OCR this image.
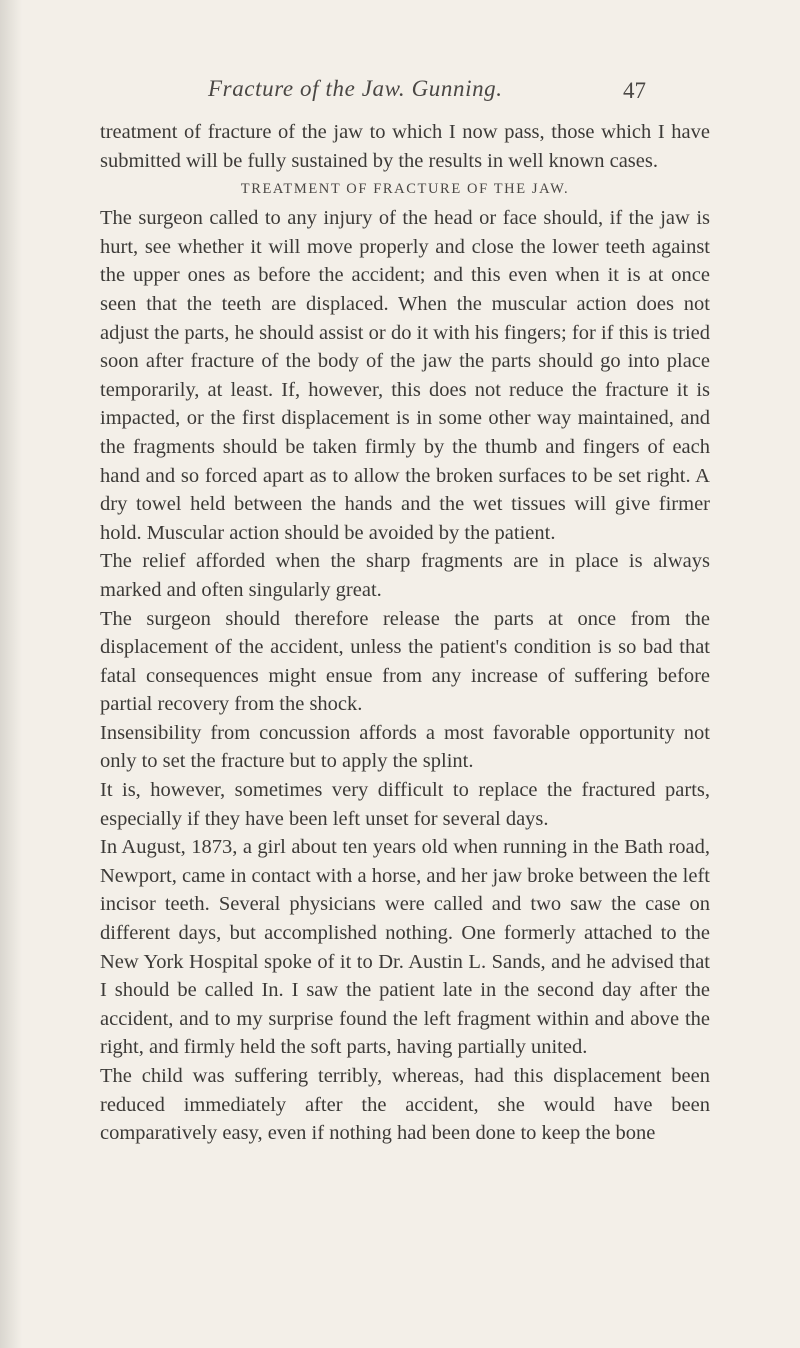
Fracture of the Jaw. Gunning.	47

treatment of fracture of the jaw to which I now pass, those which I have submitted will be fully sustained by the results in well known cases.

TREATMENT OF FRACTURE OF THE JAW.

The surgeon called to any injury of the head or face should, if the jaw is hurt, see whether it will move properly and close the lower teeth against the upper ones as before the accident; and this even when it is at once seen that the teeth are displaced. When the muscular action does not adjust the parts, he should assist or do it with his fingers; for if this is tried soon after fracture of the body of the jaw the parts should go into place temporarily, at least. If, however, this does not reduce the fracture it is impacted, or the first displacement is in some other way maintained, and the fragments should be taken firmly by the thumb and fingers of each hand and so forced apart as to allow the broken surfaces to be set right. A dry towel held between the hands and the wet tissues will give firmer hold. Muscular action should be avoided by the patient.

The relief afforded when the sharp fragments are in place is always marked and often singularly great.

The surgeon should therefore release the parts at once from the displacement of the accident, unless the patient's condition is so bad that fatal consequences might ensue from any increase of suffering before partial recovery from the shock.

Insensibility from concussion affords a most favorable opportunity not only to set the fracture but to apply the splint.

It is, however, sometimes very difficult to replace the fractured parts, especially if they have been left unset for several days.

In August, 1873, a girl about ten years old when running in the Bath road, Newport, came in contact with a horse, and her jaw broke between the left incisor teeth. Several physicians were called and two saw the case on different days, but accomplished nothing. One formerly attached to the New York Hospital spoke of it to Dr. Austin L. Sands, and he advised that I should be called In. I saw the patient late in the second day after the accident, and to my surprise found the left fragment within and above the right, and firmly held the soft parts, having partially united.

The child was suffering terribly, whereas, had this displacement been reduced immediately after the accident, she would have been comparatively easy, even if nothing had been done to keep the bone
